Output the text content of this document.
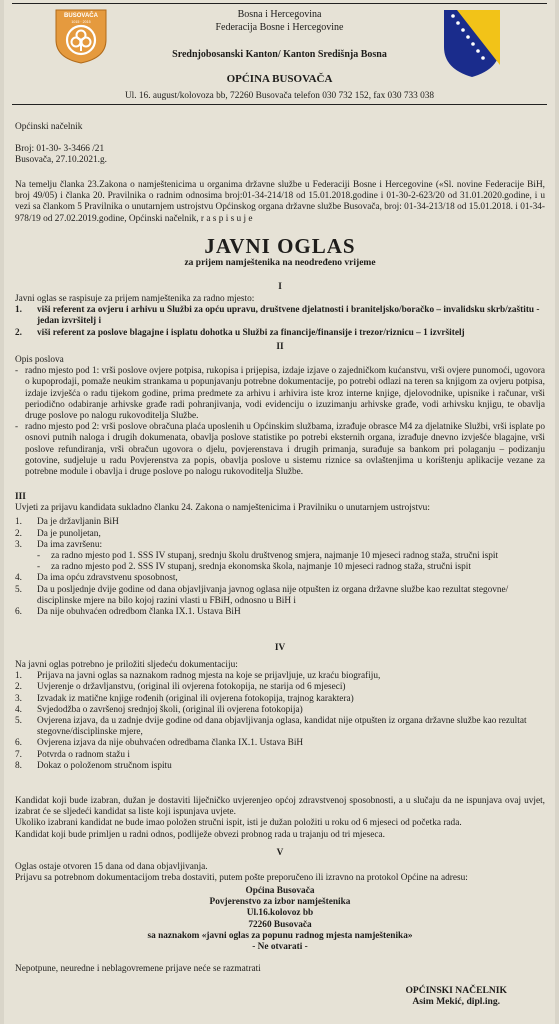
BUSOVAČA
1015 · 2015
Bosna i Hercegovina
Federacija Bosne i Hercegovine
Srednjobosanski Kanton/ Kanton Središnja Bosna
OPĆINA BUSOVAČA
Ul. 16. august/kolovoza bb, 72260 Busovača telefon 030 732 152, fax 030 733 038

Općinski načelnik

Broj: 01-30- 3-3466 /21

Busovača, 27.10.2021.g.

Na temelju članka 23.Zakona o namještenicima u organima državne službe u Federaciji Bosne i Hercegovine («Sl. novine Federacije BiH, broj 49/05) i članka 20. Pravilnika o radnim odnosima broj:01-34-214/18 od 15.01.2018.godine i 01-30-2-623/20 od 31.01.2020.godine, i u vezi sa člankom 5 Pravilnika o unutarnjem ustrojstvu Općinskog organa državne službe Busovača, broj: 01-34-213/18 od 15.01.2018. i 01-34-978/19 od 27.02.2019.godine, Općinski načelnik, r a s p i s u j e
JAVNI OGLAS
za prijem namještenika na neodređeno vrijeme
I

Javni oglas se raspisuje za prijem namještenika za radno mjesto:

1.	viši referent za ovjeru i arhivu u Službi za opću upravu, društvene djelatnosti i braniteljsko/boračko – invalidsku skrb/zaštitu - jedan izvršitelj i
2.	viši referent za poslove blagajne i isplatu dohotka u Službi za financije/finansije i trezor/riznicu – 1 izvršitelj
II

Opis poslova

- radno mjesto pod 1: vrši poslove ovjere potpisa, rukopisa i prijepisa, izdaje izjave o zajedničkom kućanstvu, vrši ovjere punomoći, ugovora o kupoprodaji, pomaže neukim strankama u popunjavanju potrebne dokumentacije, po potrebi odlazi na teren sa knjigom za ovjeru potpisa, izdaje izvješća o radu tijekom godine, prima predmete za arhivu i arhivira iste kroz interne knjige, djelovodnike, upisnike i računar, vrši periodično odabiranje arhivske građe radi pohranjivanja, vodi evidenciju o izuzimanju arhivske građe, vodi arhivsku knjigu, te obavlja druge poslove po nalogu rukovoditelja Službe.
- radno mjesto pod 2: vrši poslove obračuna plaća uposlenih u Općinskim službama, izrađuje obrasce M4 za djelatnike Službi, vrši isplate po osnovi putnih naloga i drugih dokumenata, obavlja poslove statistike po potrebi eksternih organa, izrađuje dnevno izvješće blagajne, vrši poslove refundiranja, vrši obračun ugovora o djelu, povjerenstava i drugih primanja, surađuje sa bankom pri polaganju – podizanju gotovine, sudjeluje u radu Povjerenstva za popis, obavlja poslove u sistemu riznice sa ovlaštenjima u korištenju aplikacije vezane za potrebne module i obavlja i druge poslove po nalogu rukovoditelja Službe.

III

Uvjeti za prijavu kandidata sukladno članku 24. Zakona o namještenicima i Pravilniku o unutarnjem ustrojstvu:

1.	Da je državljanin BiH
2.	Da je punoljetan,
3.	Da ima završenu:
-	za radno mjesto pod 1. SSS IV stupanj, srednju školu društvenog smjera, najmanje 10 mjeseci radnog staža, stručni ispit
-	za radno mjesto pod 2. SSS IV stupanj, srednja ekonomska škola, najmanje 10 mjeseci radnog staža, stručni ispit
4.	Da ima opću zdravstvenu sposobnost,
5.	Da u posljednje dvije godine od dana objavljivanja javnog oglasa nije otpušten iz organa državne službe kao rezultat stegovne/ disciplinske mjere na bilo kojoj razini vlasti u FBiH, odnosno u BiH i
6.	Da nije obuhvaćen odredbom članka IX.1. Ustava BiH
IV

Na javni oglas potrebno je priložiti sljedeću dokumentaciju:

1.	Prijava na javni oglas sa naznakom radnog mjesta na koje se prijavljuje, uz kraću biografiju,
2.	Uvjerenje o državljanstvu, (original ili ovjerena fotokopija, ne starija od 6 mjeseci)
3.	Izvadak iz matične knjige rođenih (original ili ovjerena fotokopija, trajnog karaktera)
4.	Svjedodžba o završenoj srednjoj školi, (original ili ovjerena fotokopija)
5.	Ovjerena izjava, da u zadnje dvije godine od dana objavljivanja oglasa, kandidat nije otpušten iz organa državne službe kao rezultat stegovne/disciplinske mjere,
6.	Ovjerena izjava da nije obuhvaćen odredbama članka IX.1. Ustava BiH
7.	Potvrda o radnom stažu i
8.	Dokaz o položenom stručnom ispitu

Kandidat koji bude izabran, dužan je dostaviti liječničko uvjerenjeo općoj zdravstvenoj sposobnosti, a u slučaju da ne ispunjava ovaj uvjet, izabrat će se sljedeći kandidat sa liste koji ispunjava uvjete.

Ukoliko izabrani kandidat ne bude imao položen stručni ispit, isti je dužan položiti u roku od 6 mjeseci od početka rada.

Kandidat koji bude primljen u radni odnos, podliježe obvezi probnog rada u trajanju od tri mjeseca.

V

Oglas ostaje otvoren 15 dana od dana objavljivanja.

Prijavu sa potrebnom dokumentacijom treba dostaviti, putem pošte preporučeno ili izravno na protokol Općine na adresu:

Općina Busovača

Povjerenstvo za izbor namještenika

Ul.16.kolovoz bb

72260 Busovača

sa naznakom «javni oglas za popunu radnog mjesta namještenika»

- Ne otvarati -

Nepotpune, neuredne i neblagovremene prijave neće se razmatrati

OPĆINSKI NAČELNIK

Asim Mekić, dipl.ing.
